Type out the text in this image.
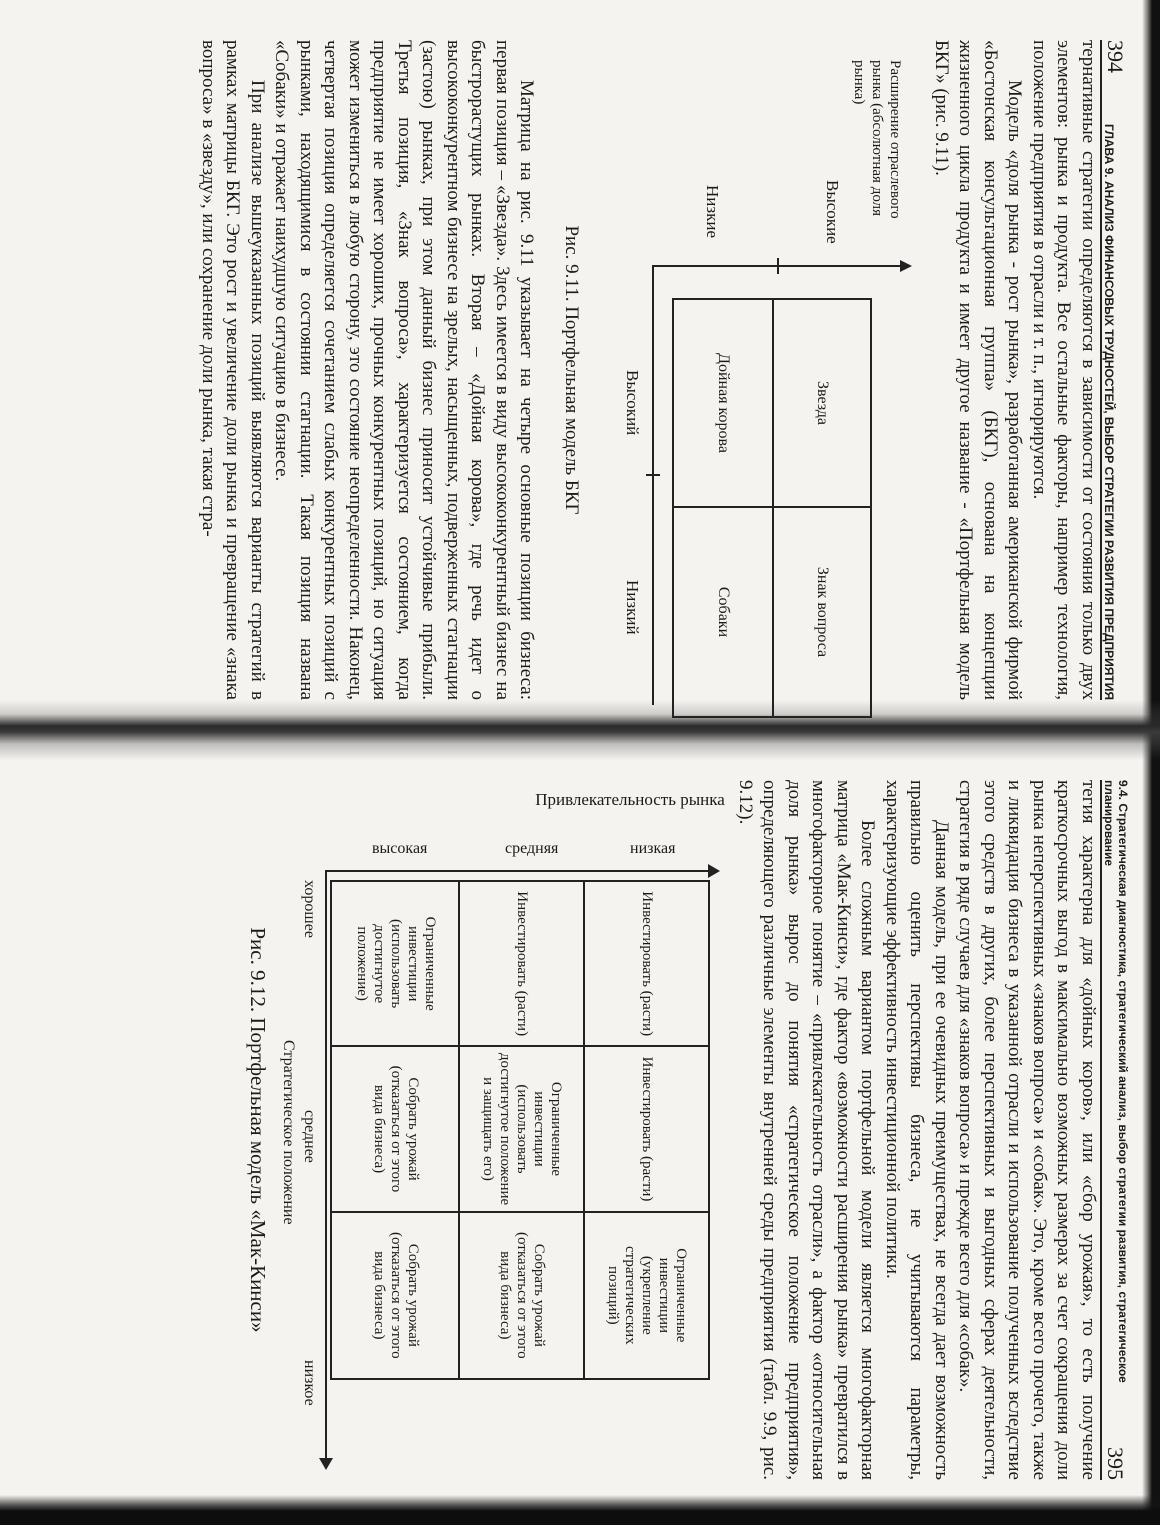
394
ГЛАВА 9. АНАЛИЗ ФИНАНСОВЫХ ТРУДНОСТЕЙ, ВЫБОР СТРАТЕГИИ РАЗВИТИЯ ПРЕДПРИЯТИЯ

тернативные стратегии определяются в зависимости от состояния только двух элементов: рынка и продукта. Все остальные факторы, например технология, положение предприятия в отрасли и т. п., игнорируются.

Модель «доля рынка - рост рынка», разработанная американской фирмой «Бостонская консультационная группа» (БКГ), основана на концепции жизненного цикла продукта и имеет другое название - «Портфельная модель БКГ» (рис. 9.11).

Расширение отраслевого рынка (абсолютная доля рынка)
Высокие
Низкие
Высокий
Низкий
Звезда
Знак вопроса
Дойная корова
Собаки

Рис. 9.11. Портфельная модель БКГ

Матрица на рис. 9.11 указывает на четыре основные позиции бизнеса: первая позиция – «Звезда». Здесь имеется в виду высококонкурентный бизнес на быстрорастущих рынках. Вторая – «Дойная корова», где речь идет о высококонкурентном бизнесе на зрелых, насыщенных, подверженных стагнации (застою) рынках, при этом данный бизнес приносит устойчивые прибыли. Третья позиция, «Знак вопроса», характеризуется состоянием, когда предприятие не имеет хороших, прочных конкурентных позиций, но ситуация может измениться в любую сторону, это состояние неопределенности. Наконец, четвертая позиция определяется сочетанием слабых конкурентных позиций с рынками, находящимися в состоянии стагнации. Такая позиция названа «Собаки» и отражает наихудшую ситуацию в бизнесе.

При анализе вышеуказанных позиций выявляются варианты стратегий в рамках матрицы БКГ. Это рост и увеличение доли рынка и превращение «знака вопроса» в «звезду», или сохранение доли рынка, такая стра-

9.4. Стратегическая диагностика, стратегический анализ, выбор стратегии развития, стратегическое планирование
395

тегия характерна для «дойных коров», или «сбор урожая», то есть получение краткосрочных выгод в максимально возможных размерах за счет сокращения доли рынка неперспективных «знаков вопроса» и «собак». Это, кроме всего прочего, также и ликвидация бизнеса в указанной отрасли и использование полученных вследствие этого средств в других, более перспективных и выгодных сферах деятельности, стратегия в ряде случаев для «знаков вопроса» и прежде всего для «собак».

Данная модель, при ее очевидных преимуществах, не всегда дает возможность правильно оценить перспективы бизнеса, не учитываются параметры, характеризующие эффективность инвестиционной политики.

Более сложным вариантом портфельной модели является многофакторная матрица «Мак-Кинси», где фактор «возможности расширения рынка» превратился в многофакторное понятие – «привлекательность отрасли», а фактор «относительная доля рынка» вырос до понятия «стратегическое положение предприятия», определяющего различные элементы внутренней среды предприятия (табл. 9.9, рис. 9.12).

Привлекательность рынка
низкая
средняя
высокая
Инвестировать (расти)
Инвестировать (расти)
Ограниченные инвестиции (укрепление стратегических позиций)
Инвестировать (расти)
Ограниченные инвестиции (использовать достигнутое положение и защищать его)
Собрать урожай (отказаться от этого вида бизнеса)
Ограниченные инвестиции (использовать достигнутое положение)
Собрать урожай (отказаться от этого вида бизнеса)
Собрать урожай (отказаться от этого вида бизнеса)
хорошее
среднее
низкое
Стратегическое положение

Рис. 9.12. Портфельная модель «Мак-Кинси»
